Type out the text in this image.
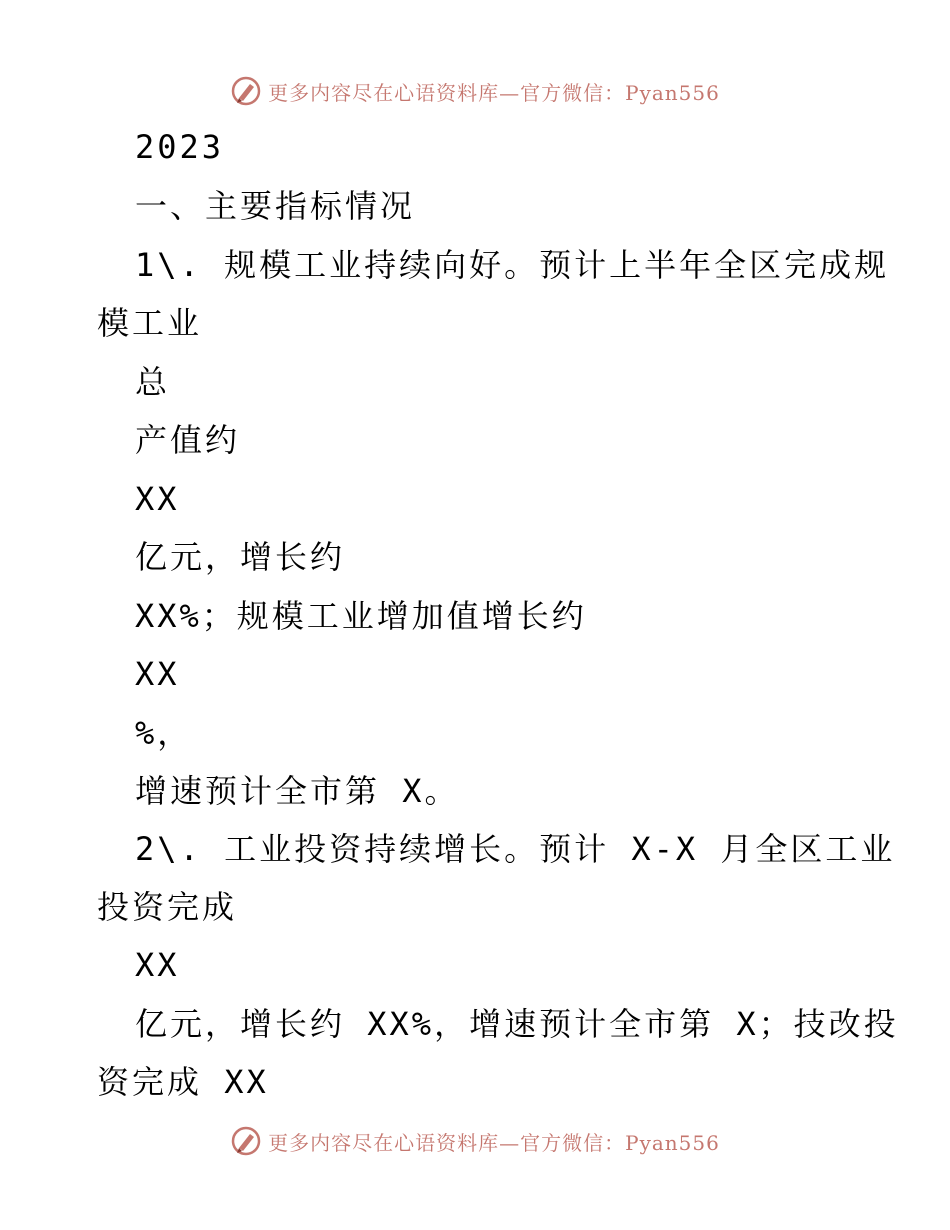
更多内容尽在心语资料库—官方微信：Pyan556
2023
一、主要指标情况
1\. 规模工业持续向好。预计上半年全区完成规
模工业
总
产值约
XX
亿元，增长约
XX%；规模工业增加值增长约
XX
%，
增速预计全市第 X。
2\. 工业投资持续增长。预计 X-X 月全区工业
投资完成
XX
亿元，增长约 XX%，增速预计全市第 X；技改投
资完成 XX
更多内容尽在心语资料库—官方微信：Pyan556
